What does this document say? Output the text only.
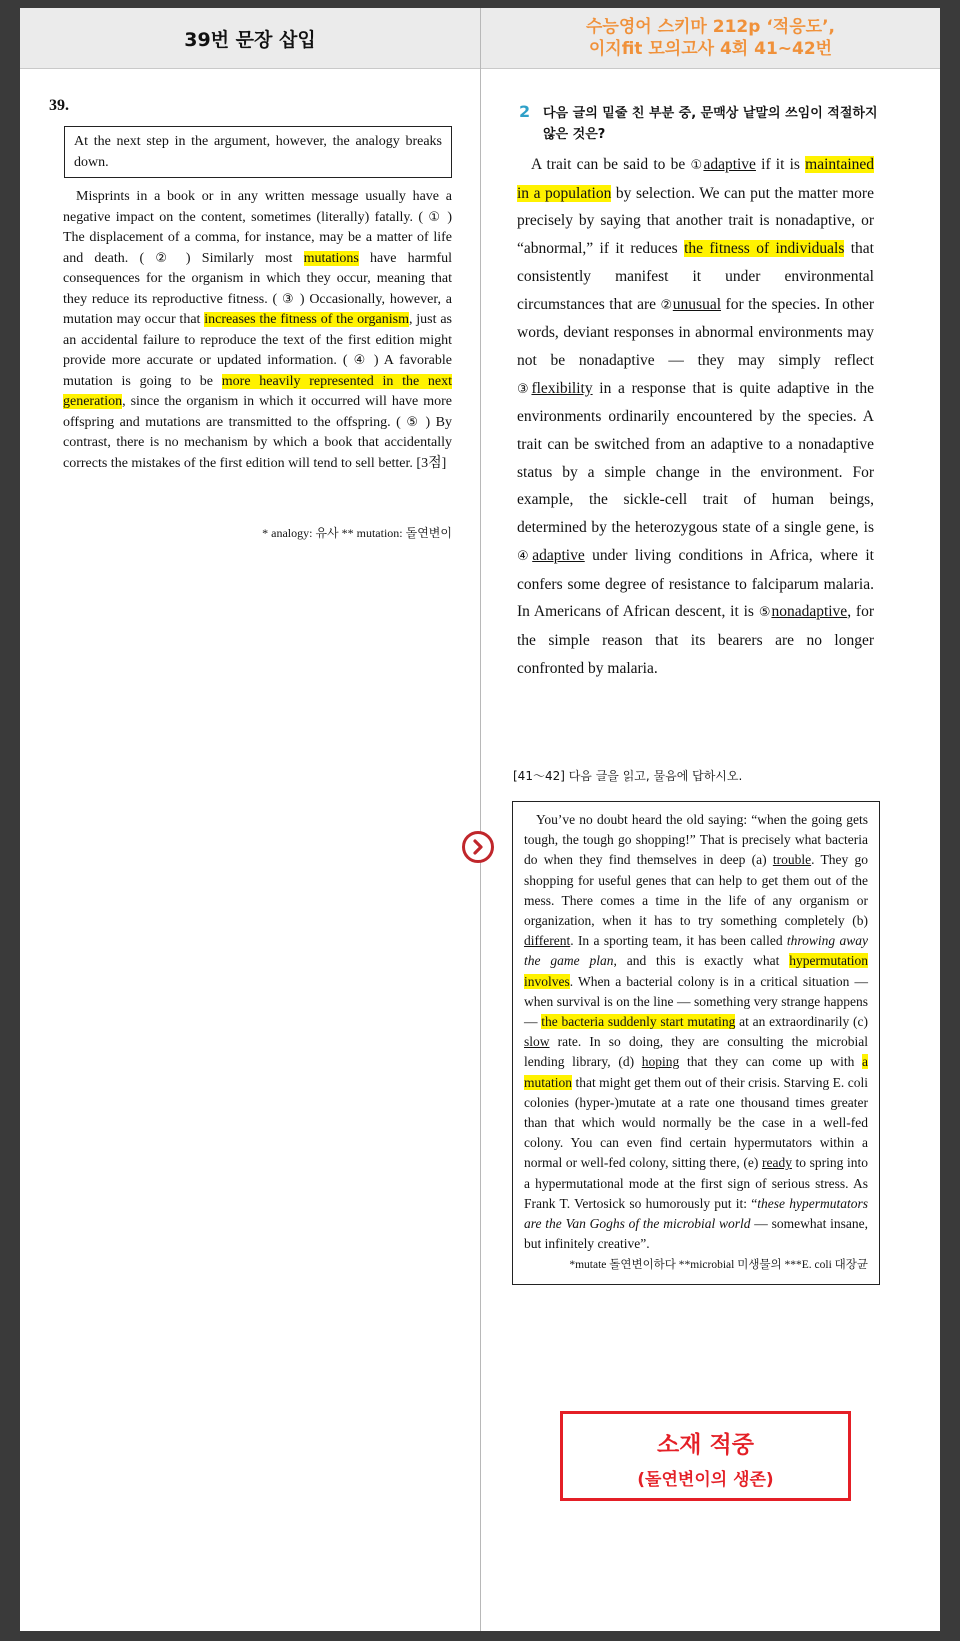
39번 문장 삽입
수능영어 스키마 212p ‘적응도’,
이지fit 모의고사 4회 41~42번
39.
At the next step in the argument, however, the analogy breaks down.

Misprints in a book or in any written message usually have a negative impact on the content, sometimes (literally) fatally. ( ① ) The displacement of a comma, for instance, may be a matter of life and death. ( ② ) Similarly most mutations have harmful consequences for the organism in which they occur, meaning that they reduce its reproductive fitness. ( ③ ) Occasionally, however, a mutation may occur that increases the fitness of the organism, just as an accidental failure to reproduce the text of the first edition might provide more accurate or updated information. ( ④ ) A favorable mutation is going to be more heavily represented in the next generation, since the organism in which it occurred will have more offspring and mutations are transmitted to the offspring. ( ⑤ ) By contrast, there is no mechanism by which a book that accidentally corrects the mistakes of the first edition will tend to sell better. [3점]

* analogy: 유사 ** mutation: 돌연변이
2 다음 글의 밑줄 친 부분 중, 문맥상 낱말의 쓰임이 적절하지 않은 것은?

A trait can be said to be ①adaptive if it is maintained in a population by selection. We can put the matter more precisely by saying that another trait is nonadaptive, or “abnormal,” if it reduces the fitness of individuals that consistently manifest it under environmental circumstances that are ②unusual for the species. In other words, deviant responses in abnormal environments may not be nonadaptive — they may simply reflect ③flexibility in a response that is quite adaptive in the environments ordinarily encountered by the species. A trait can be switched from an adaptive to a nonadaptive status by a simple change in the environment. For example, the sickle-cell trait of human beings, determined by the heterozygous state of a single gene, is ④adaptive under living conditions in Africa, where it confers some degree of resistance to falciparum malaria. In Americans of African descent, it is ⑤nonadaptive, for the simple reason that its bearers are no longer confronted by malaria.

[41～42] 다음 글을 읽고, 물음에 답하시오.

You’ve no doubt heard the old saying: “when the going gets tough, the tough go shopping!” That is precisely what bacteria do when they find themselves in deep (a) trouble. They go shopping for useful genes that can help to get them out of the mess. There comes a time in the life of any organism or organization, when it has to try something completely (b) different. In a sporting team, it has been called throwing away the game plan, and this is exactly what hypermutation involves. When a bacterial colony is in a critical situation — when survival is on the line — something very strange happens — the bacteria suddenly start mutating at an extraordinarily (c) slow rate. In so doing, they are consulting the microbial lending library, (d) hoping that they can come up with a mutation that might get them out of their crisis. Starving E. coli colonies (hyper-)mutate at a rate one thousand times greater than that which would normally be the case in a well-fed colony. You can even find certain hypermutators within a normal or well-fed colony, sitting there, (e) ready to spring into a hypermutational mode at the first sign of serious stress. As Frank T. Vertosick so humorously put it: “these hypermutators are the Van Goghs of the microbial world — somewhat insane, but infinitely creative”.

*mutate 돌연변이하다 **microbial 미생물의 ***E. coli 대장균
소재 적중
(돌연변이의 생존)
